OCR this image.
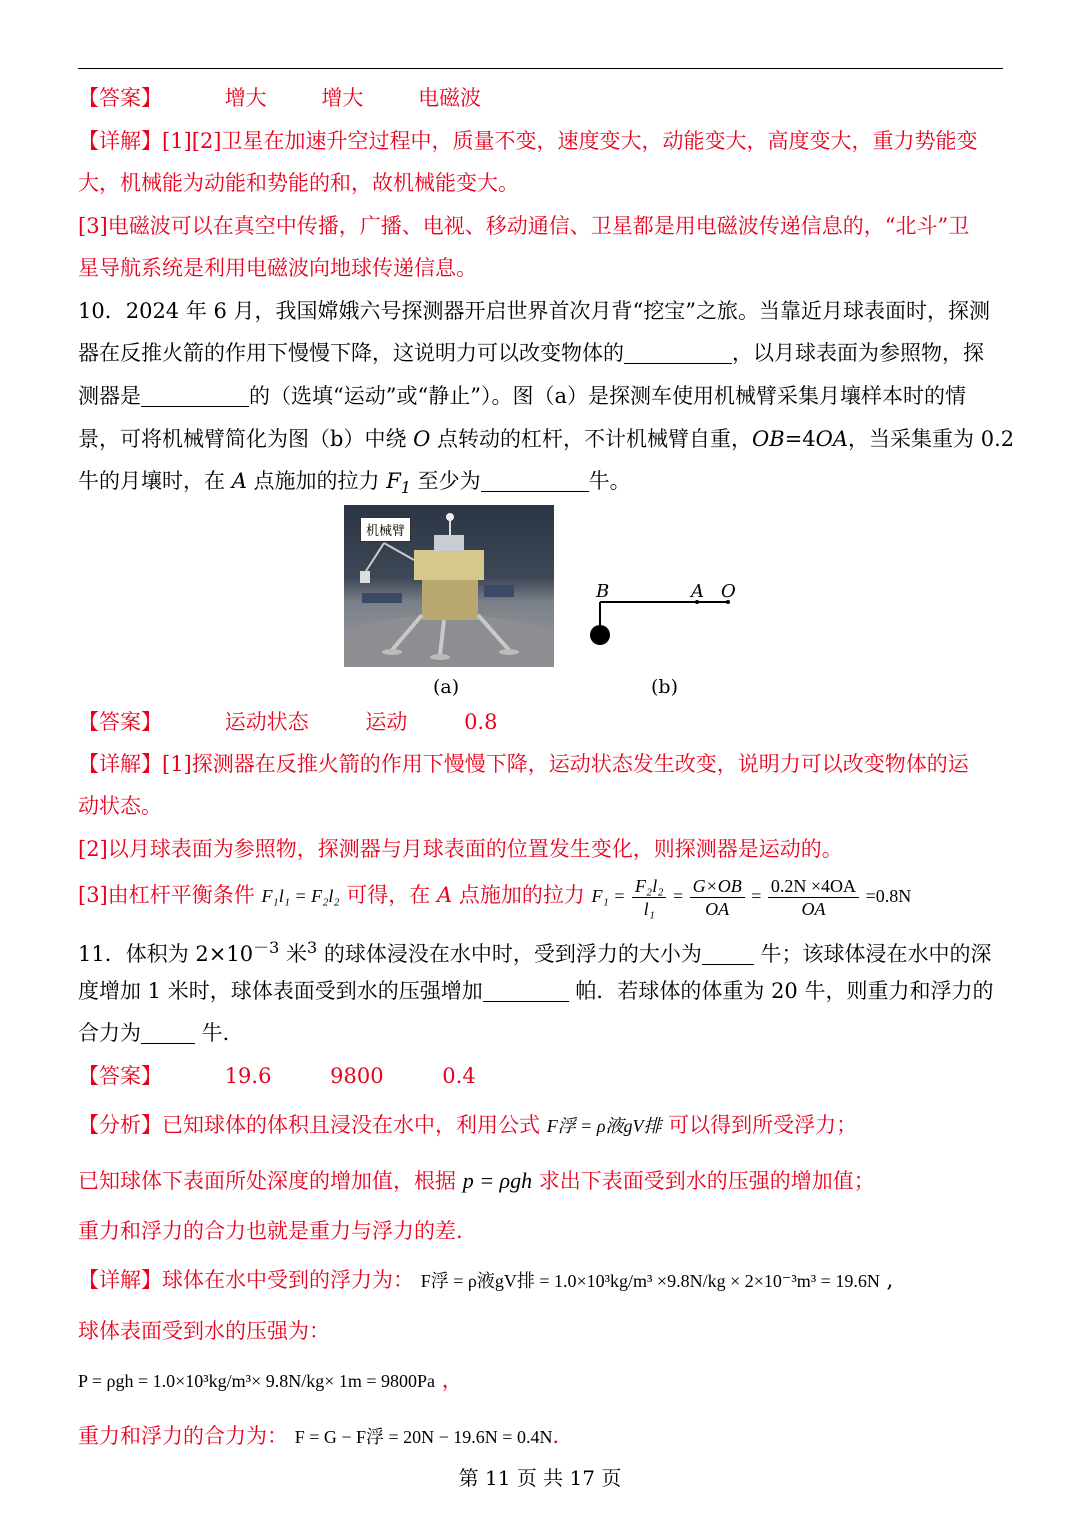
【答案】	增大	增大	电磁波
【详解】[1][2]卫星在加速升空过程中，质量不变，速度变大，动能变大，高度变大，重力势能变
大，机械能为动能和势能的和，故机械能变大。
[3]电磁波可以在真空中传播，广播、电视、移动通信、卫星都是用电磁波传递信息的，“北斗”卫
星导航系统是利用电磁波向地球传递信息。
10．2024 年 6 月，我国嫦娥六号探测器开启世界首次月背“挖宝”之旅。当靠近月球表面时，探测
器在反推火箭的作用下慢慢下降，这说明力可以改变物体的	，以月球表面为参照物，探
测器是	的（选填“运动”或“静止”）。图（a）是探测车使用机械臂采集月壤样本时的情
景，可将机械臂简化为图（b）中绕 O 点转动的杠杆，不计机械臂自重，OB=4OA，当采集重为 0.2
牛的月壤时，在 A 点施加的拉力 $F_1$ 至少为	牛。
机械臂
B	A O
(a)	(b)
【答案】	运动状态	运动	0.8
【详解】[1]探测器在反推火箭的作用下慢慢下降，运动状态发生改变，说明力可以改变物体的运
动状态。
[2]以月球表面为参照物，探测器与月球表面的位置发生变化，则探测器是运动的。
[3]由杠杆平衡条件 F₁l₁ = F₂l₂ 可得，在 A 点施加的拉力 $F_1 = \frac{\text{F₂l₂}}{\text{l₁}} = \frac{G\times OB}{OA} = \frac{0.2N \times 4OA}{OA} =0.8N$
11．体积为 $2\times 10^{-3}$ 米$^3$ 的球体浸没在水中时，受到浮力的大小为 牛；该球体浸在水中的深
度增加 1 米时，球体表面受到水的压强增加	帕．若球体的体重为 20 牛，则重力和浮力的
合力为	牛．
【答案】	19.6	9800	0.4
【分析】已知球体的体积且浸没在水中，利用公式 F浮 = ρ液gV排 可以得到所受浮力；
已知球体下表面所处深度的增加值，根据 p = ρgh 求出下表面受到水的压强的增加值；
重力和浮力的合力也就是重力与浮力的差.
【详解】球体在水中受到的浮力为： F浮 = ρ液gV排 = 1.0×10³kg/m³ ×9.8N/kg × 2×10⁻³m³ = 19.6N ,
球体表面受到水的压强为：
P = ρgh = 1.0×10³kg/m³× 9.8N/kg× 1m = 9800Pa ，
重力和浮力的合力为： F = G − F浮 = 20N − 19.6N = 0.4N．
第 11 页 共 17 页
